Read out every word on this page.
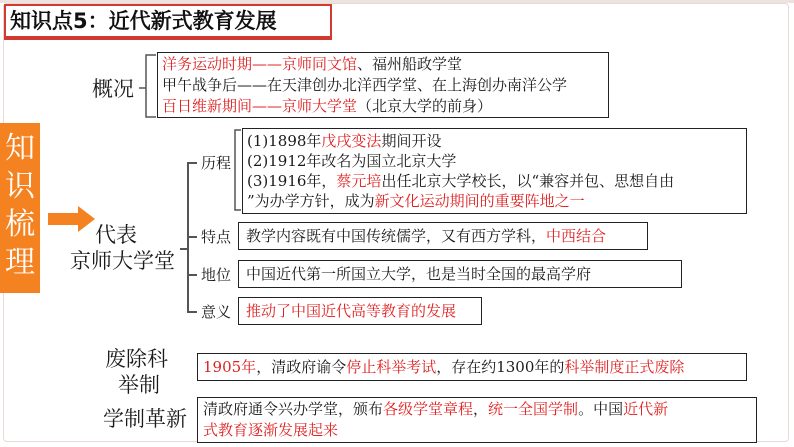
知识点5：近代新式教育发展
知
识
梳
理
概况
洋务运动时期——京师同文馆、福州船政学堂
甲午战争后——在天津创办北洋西学堂、在上海创办南洋公学
百日维新期间——京师大学堂（北京大学的前身）
代表
京师大学堂
历程
(1)1898年戊戌变法期间开设
(2)1912年改名为国立北京大学
(3)1916年，蔡元培出任北京大学校长，以“兼容并包、思想自由
”为办学方针，成为新文化运动期间的重要阵地之一
特点 教学内容既有中国传统儒学，又有西方学科，中西结合
地位 中国近代第一所国立大学，也是当时全国的最高学府
意义 推动了中国近代高等教育的发展
废除科
举制
1905年，清政府谕令停止科举考试，存在约1300年的科举制度正式废除
学制革新 清政府通令兴办学堂，颁布各级学堂章程，统一全国学制。中国近代新
式教育逐渐发展起来
